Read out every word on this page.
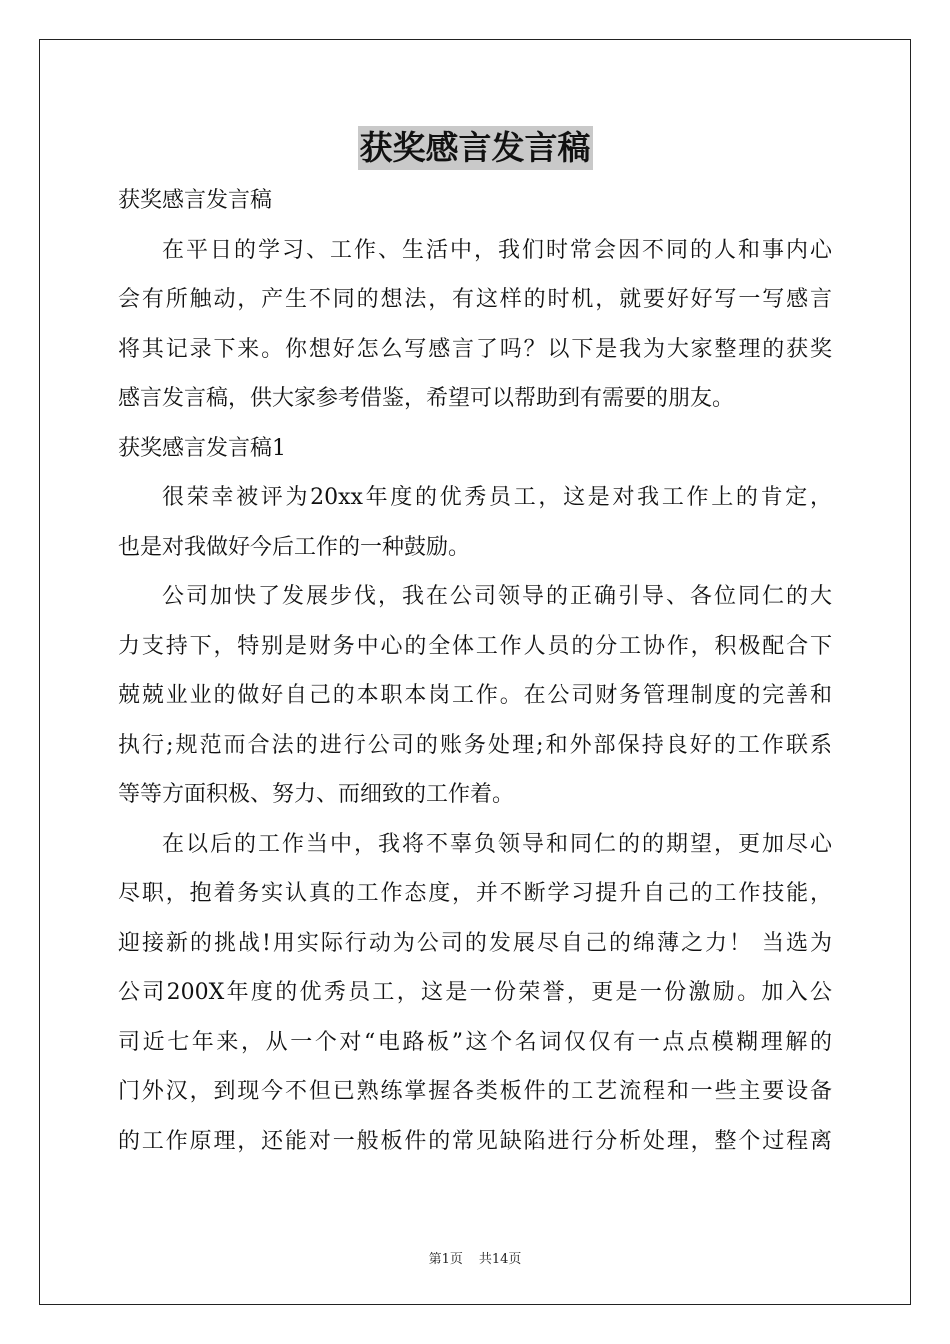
获奖感言发言稿
获奖感言发言稿
在平日的学习、工作、生活中，我们时常会因不同的人和事内心
会有所触动，产生不同的想法，有这样的时机，就要好好写一写感言
将其记录下来。你想好怎么写感言了吗？以下是我为大家整理的获奖
感言发言稿，供大家参考借鉴，希望可以帮助到有需要的朋友。
获奖感言发言稿1
很荣幸被评为20xx年度的优秀员工，这是对我工作上的肯定，
也是对我做好今后工作的一种鼓励。
公司加快了发展步伐，我在公司领导的正确引导、各位同仁的大
力支持下，特别是财务中心的全体工作人员的分工协作，积极配合下
兢兢业业的做好自己的本职本岗工作。在公司财务管理制度的完善和
执行;规范而合法的进行公司的账务处理;和外部保持良好的工作联系
等等方面积极、努力、而细致的工作着。
在以后的工作当中，我将不辜负领导和同仁的的期望，更加尽心
尽职，抱着务实认真的工作态度，并不断学习提升自己的工作技能，
迎接新的挑战!用实际行动为公司的发展尽自己的绵薄之力！ 当选为
公司200X年度的优秀员工，这是一份荣誉，更是一份激励。加入公
司近七年来，从一个对“电路板”这个名词仅仅有一点点模糊理解的
门外汉，到现今不但已熟练掌握各类板件的工艺流程和一些主要设备
的工作原理，还能对一般板件的常见缺陷进行分析处理，整个过程离
第1页 共14页
